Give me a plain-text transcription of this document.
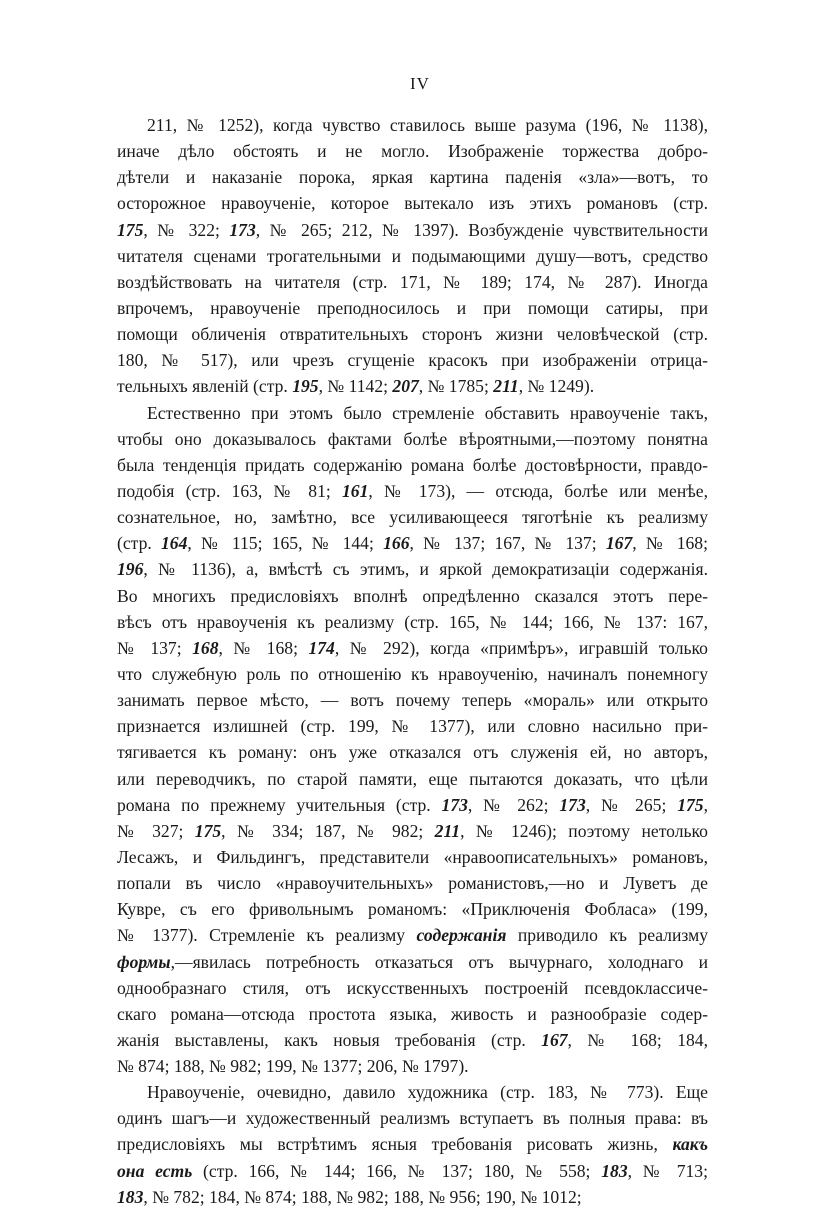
IV
211, № 1252), когда чувство ставилось выше разума (196, № 1138),
иначе дѣло обстоять и не могло. Изображеніе торжества добро-
дѣтели и наказаніе порока, яркая картина паденія «зла»—вотъ, то
осторожное нравоученіе, которое вытекало изъ этихъ романовъ (стр.
175, № 322; 173, № 265; 212, № 1397). Возбужденіе чувствительности
читателя сценами трогательными и подымающими душу—вотъ, средство
воздѣйствовать на читателя (стр. 171, № 189; 174, № 287). Иногда
впрочемъ, нравоученіе преподносилось и при помощи сатиры, при
помощи обличенія отвратительныхъ сторонъ жизни человѣческой (стр.
180, № 517), или чрезъ сгущеніе красокъ при изображеніи отрица-
тельныхъ явленій (стр. 195, № 1142; 207, № 1785; 211, № 1249).
Естественно при этомъ было стремленіе обставить нравоученіе такъ,
чтобы оно доказывалось фактами болѣе вѣроятными,—поэтому понятна
была тенденція придать содержанію романа болѣе достовѣрности, правдо-
подобія (стр. 163, № 81; 161, № 173), — отсюда, болѣе или менѣе,
сознательное, но, замѣтно, все усиливающееся тяготѣніе къ реализму
(стр. 164, № 115; 165, № 144; 166, № 137; 167, № 137; 167, № 168;
196, № 1136), а, вмѣстѣ съ этимъ, и яркой демократизаціи содержанія.
Во многихъ предисловіяхъ вполнѣ опредѣленно сказался этотъ пере-
вѣсъ отъ нравоученія къ реализму (стр. 165, № 144; 166, № 137: 167,
№ 137; 168, № 168; 174, № 292), когда «примѣръ», игравшій только
что служебную роль по отношенію къ нравоученію, начиналъ понемногу
занимать первое мѣсто, — вотъ почему теперь «мораль» или открыто
признается излишней (стр. 199, № 1377), или словно насильно при-
тягивается къ роману: онъ уже отказался отъ служенія ей, но авторъ,
или переводчикъ, по старой памяти, еще пытаются доказать, что цѣли
романа по прежнему учительныя (стр. 173, № 262; 173, № 265; 175,
№ 327; 175, № 334; 187, № 982; 211, № 1246); поэтому нетолько
Лесажъ, и Фильдингъ, представители «нравоописательныхъ» романовъ,
попали въ число «нравоучительныхъ» романистовъ,—но и Луветъ де
Кувре, съ его фривольнымъ романомъ: «Приключенія Фобласа» (199,
№ 1377). Стремленіе къ реализму содержанія приводило къ реализму
формы,—явилась потребность отказаться отъ вычурнаго, холоднаго и
однообразнаго стиля, отъ искусственныхъ построеній псевдоклассиче-
скаго романа—отсюда простота языка, живость и разнообразіе содер-
жанія выставлены, какъ новыя требованія (стр. 167, № 168; 184,
№ 874; 188, № 982; 199, № 1377; 206, № 1797).
Нравоученіе, очевидно, давило художника (стр. 183, № 773). Еще
одинъ шагъ—и художественный реализмъ вступаетъ въ полныя права: въ
предисловіяхъ мы встрѣтимъ ясныя требованія рисовать жизнь, какъ
она есть (стр. 166, № 144; 166, № 137; 180, № 558; 183, № 713;
183, № 782; 184, № 874; 188, № 982; 188, № 956; 190, № 1012;
